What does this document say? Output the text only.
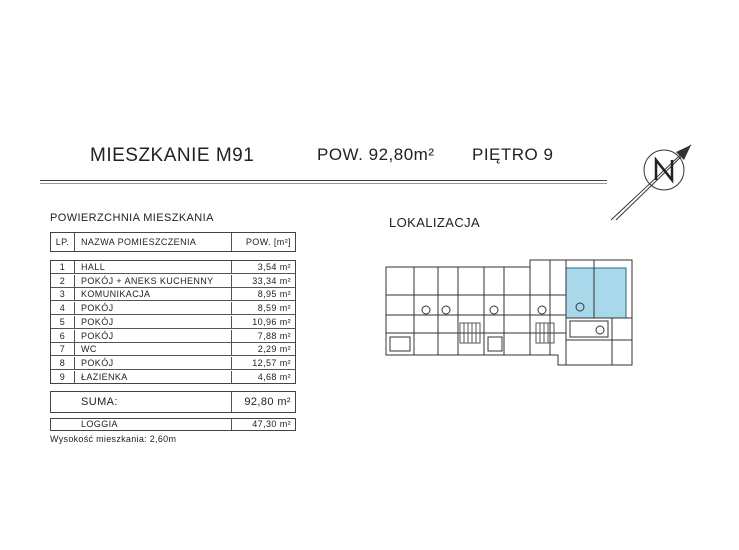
MIESZKANIE M91	POW. 92,80m² PIĘTRO 9
POWIERZCHNIA MIESZKANIA
LP.	NAZWA POMIESZCZENIA	POW. [m²]
1	HALL	3,54 m²
2	POKÓJ + ANEKS KUCHENNY	33,34 m²
3	KOMUNIKACJA	8,95 m²
4	POKÓJ	8,59 m²
5	POKÓJ	10,96 m²
6	POKÓJ	7,88 m²
7	WC	2,29 m²
8	POKÓJ	12,57 m²
9	ŁAZIENKA	4,68 m²
SUMA:	92,80 m²
LOGGIA	47,30 m²
Wysokość mieszkania: 2,60m
LOKALIZACJA
